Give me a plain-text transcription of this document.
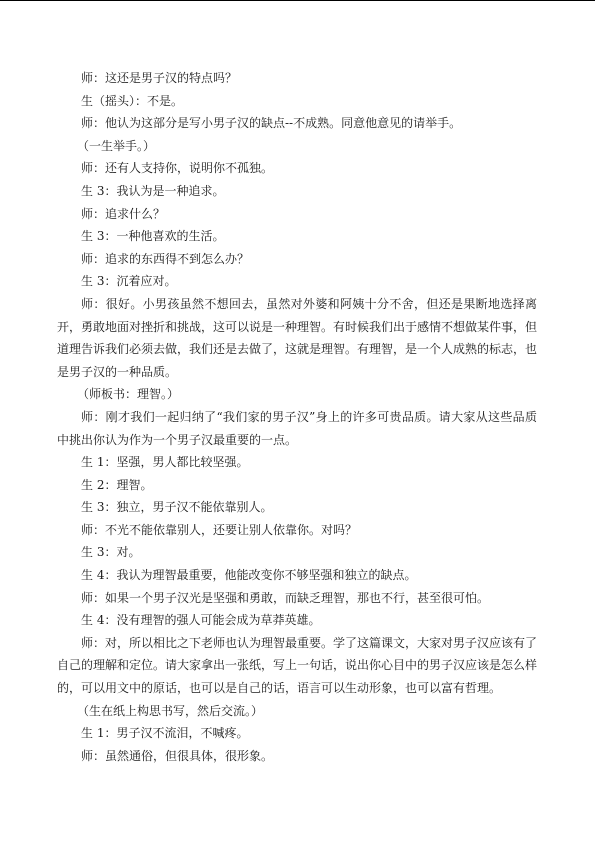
师：这还是男子汉的特点吗？

生（摇头）：不是。

师：他认为这部分是写小男子汉的缺点--不成熟。同意他意见的请举手。

（一生举手。）

师：还有人支持你，说明你不孤独。

生 3：我认为是一种追求。

师：追求什么？

生 3：一种他喜欢的生活。

师：追求的东西得不到怎么办？

生 3：沉着应对。

师：很好。小男孩虽然不想回去，虽然对外婆和阿姨十分不舍，但还是果断地选择离开，勇敢地面对挫折和挑战，这可以说是一种理智。有时候我们出于感情不想做某件事，但道理告诉我们必须去做，我们还是去做了，这就是理智。有理智，是一个人成熟的标志，也是男子汉的一种品质。

（师板书：理智。）

师：刚才我们一起归纳了“我们家的男子汉”身上的许多可贵品质。请大家从这些品质中挑出你认为作为一个男子汉最重要的一点。

生 1：坚强，男人都比较坚强。

生 2：理智。

生 3：独立，男子汉不能依靠别人。

师：不光不能依靠别人，还要让别人依靠你。对吗？

生 3：对。

生 4：我认为理智最重要，他能改变你不够坚强和独立的缺点。

师：如果一个男子汉光是坚强和勇敢，而缺乏理智，那也不行，甚至很可怕。

生 4：没有理智的强人可能会成为草莽英雄。

师：对，所以相比之下老师也认为理智最重要。学了这篇课文，大家对男子汉应该有了自己的理解和定位。请大家拿出一张纸，写上一句话，说出你心目中的男子汉应该是怎么样的，可以用文中的原话，也可以是自己的话，语言可以生动形象，也可以富有哲理。

（生在纸上构思书写，然后交流。）

生 1：男子汉不流泪，不喊疼。

师：虽然通俗，但很具体，很形象。
